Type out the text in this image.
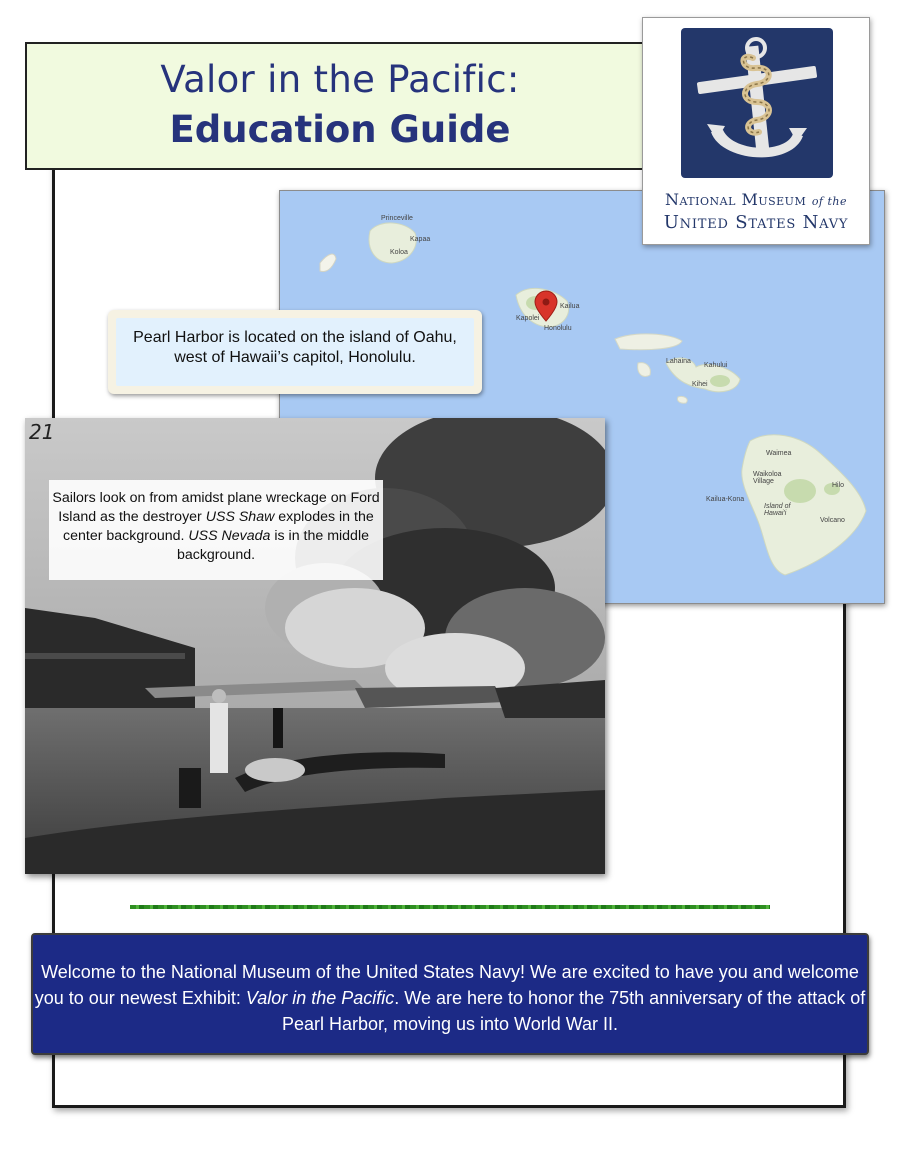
Valor in the Pacific:
Education Guide
Princeville
Kapaa
Koloa
Kapolei
Kailua
Honolulu
Lahaina
Kahului
Kihei
Waimea
Waikoloa Village
Hilo
Kailua-Kona
Island of Hawai'i
Volcano
National Museum of the
United States Navy
Pearl Harbor is located on the island of Oahu, west of Hawaii’s capitol, Honolulu.
21
Sailors look on from amidst plane wreckage on Ford Island as the destroyer USS Shaw explodes in the center background. USS Nevada is in the middle background.
Welcome to the National Museum of the United States Navy! We are excited to have you and welcome you to our newest Exhibit: Valor in the Pacific. We are here to honor the 75th anniversary of the attack of Pearl Harbor, moving us into World War II.
